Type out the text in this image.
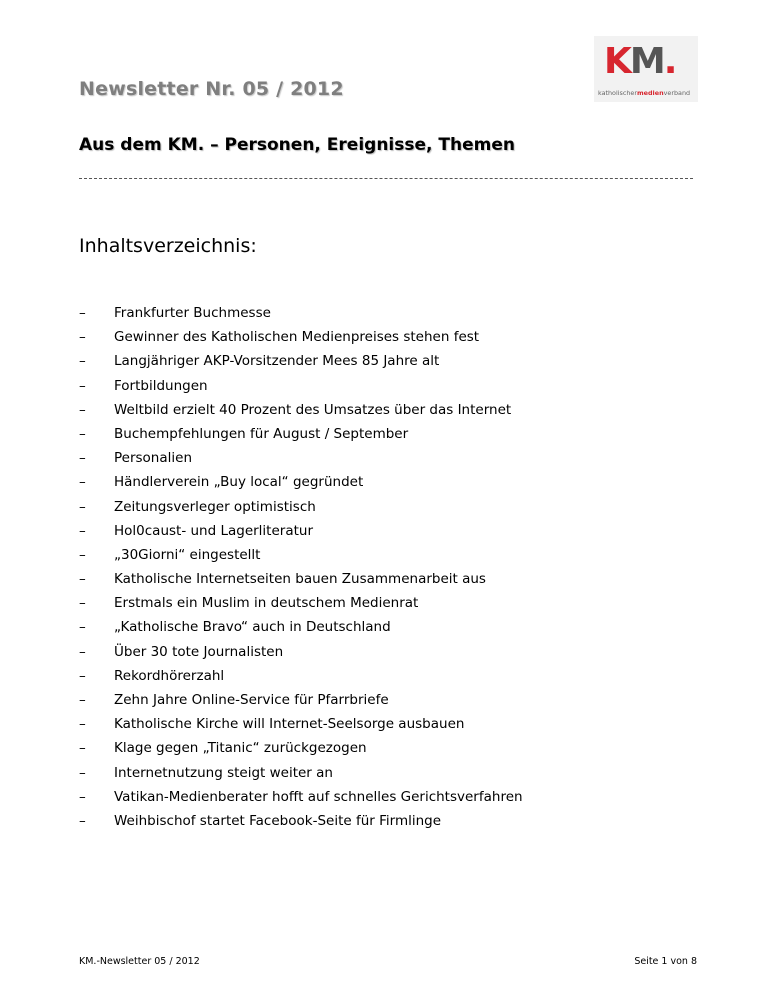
Newsletter Nr. 05 / 2012
KM.
katholischermedienverband
Aus dem KM. – Personen, Ereignisse, Themen
Inhaltsverzeichnis:
–	Frankfurter Buchmesse
–	Gewinner des Katholischen Medienpreises stehen fest
–	Langjähriger AKP-Vorsitzender Mees 85 Jahre alt
–	Fortbildungen
–	Weltbild erzielt 40 Prozent des Umsatzes über das Internet
–	Buchempfehlungen für August / September
–	Personalien
–	Händlerverein „Buy local“ gegründet
–	Zeitungsverleger optimistisch
–	Hol0caust- und Lagerliteratur
–	„30Giorni“ eingestellt
–	Katholische Internetseiten bauen Zusammenarbeit aus
–	Erstmals ein Muslim in deutschem Medienrat
–	„Katholische Bravo“ auch in Deutschland
–	Über 30 tote Journalisten
–	Rekordhörerzahl
–	Zehn Jahre Online-Service für Pfarrbriefe
–	Katholische Kirche will Internet-Seelsorge ausbauen
–	Klage gegen „Titanic“ zurückgezogen
–	Internetnutzung steigt weiter an
–	Vatikan-Medienberater hofft auf schnelles Gerichtsverfahren
–	Weihbischof startet Facebook-Seite für Firmlinge
KM.-Newsletter 05 / 2012	Seite 1 von 8
